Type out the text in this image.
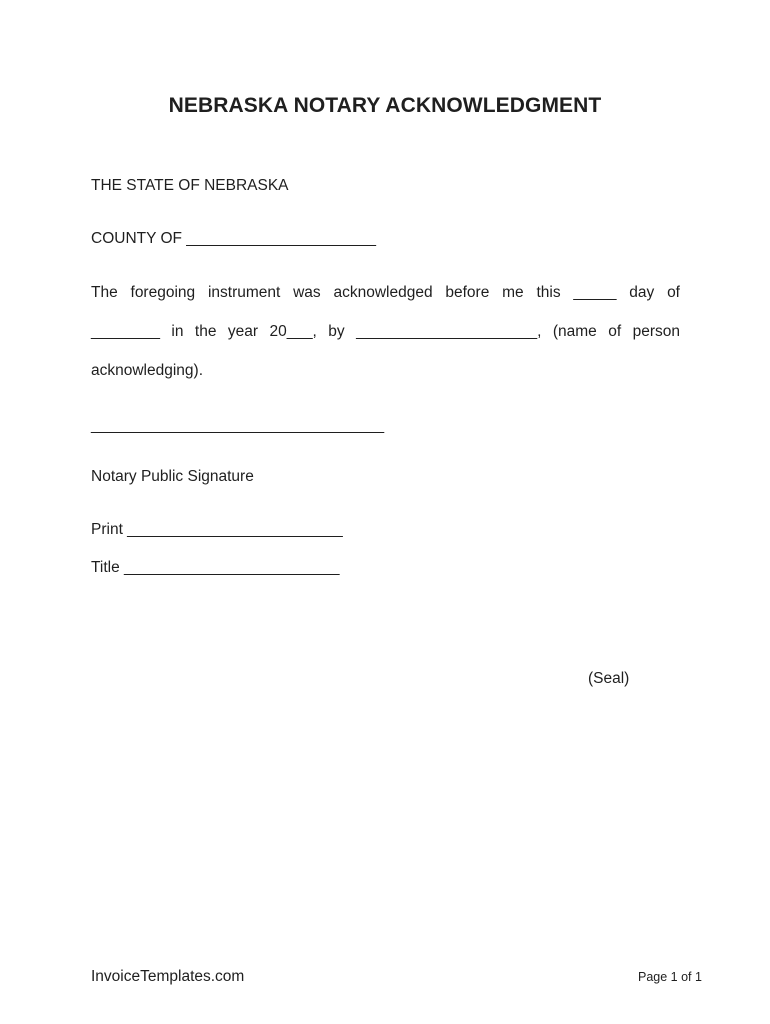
NEBRASKA NOTARY ACKNOWLEDGMENT
THE STATE OF NEBRASKA
COUNTY OF ______________________
The foregoing instrument was acknowledged before me this _____ day of
________ in the year 20___, by _____________________, (name of person
acknowledging).
__________________________________
Notary Public Signature
Print _________________________
Title _________________________
(Seal)
InvoiceTemplates.com	Page 1 of 1
